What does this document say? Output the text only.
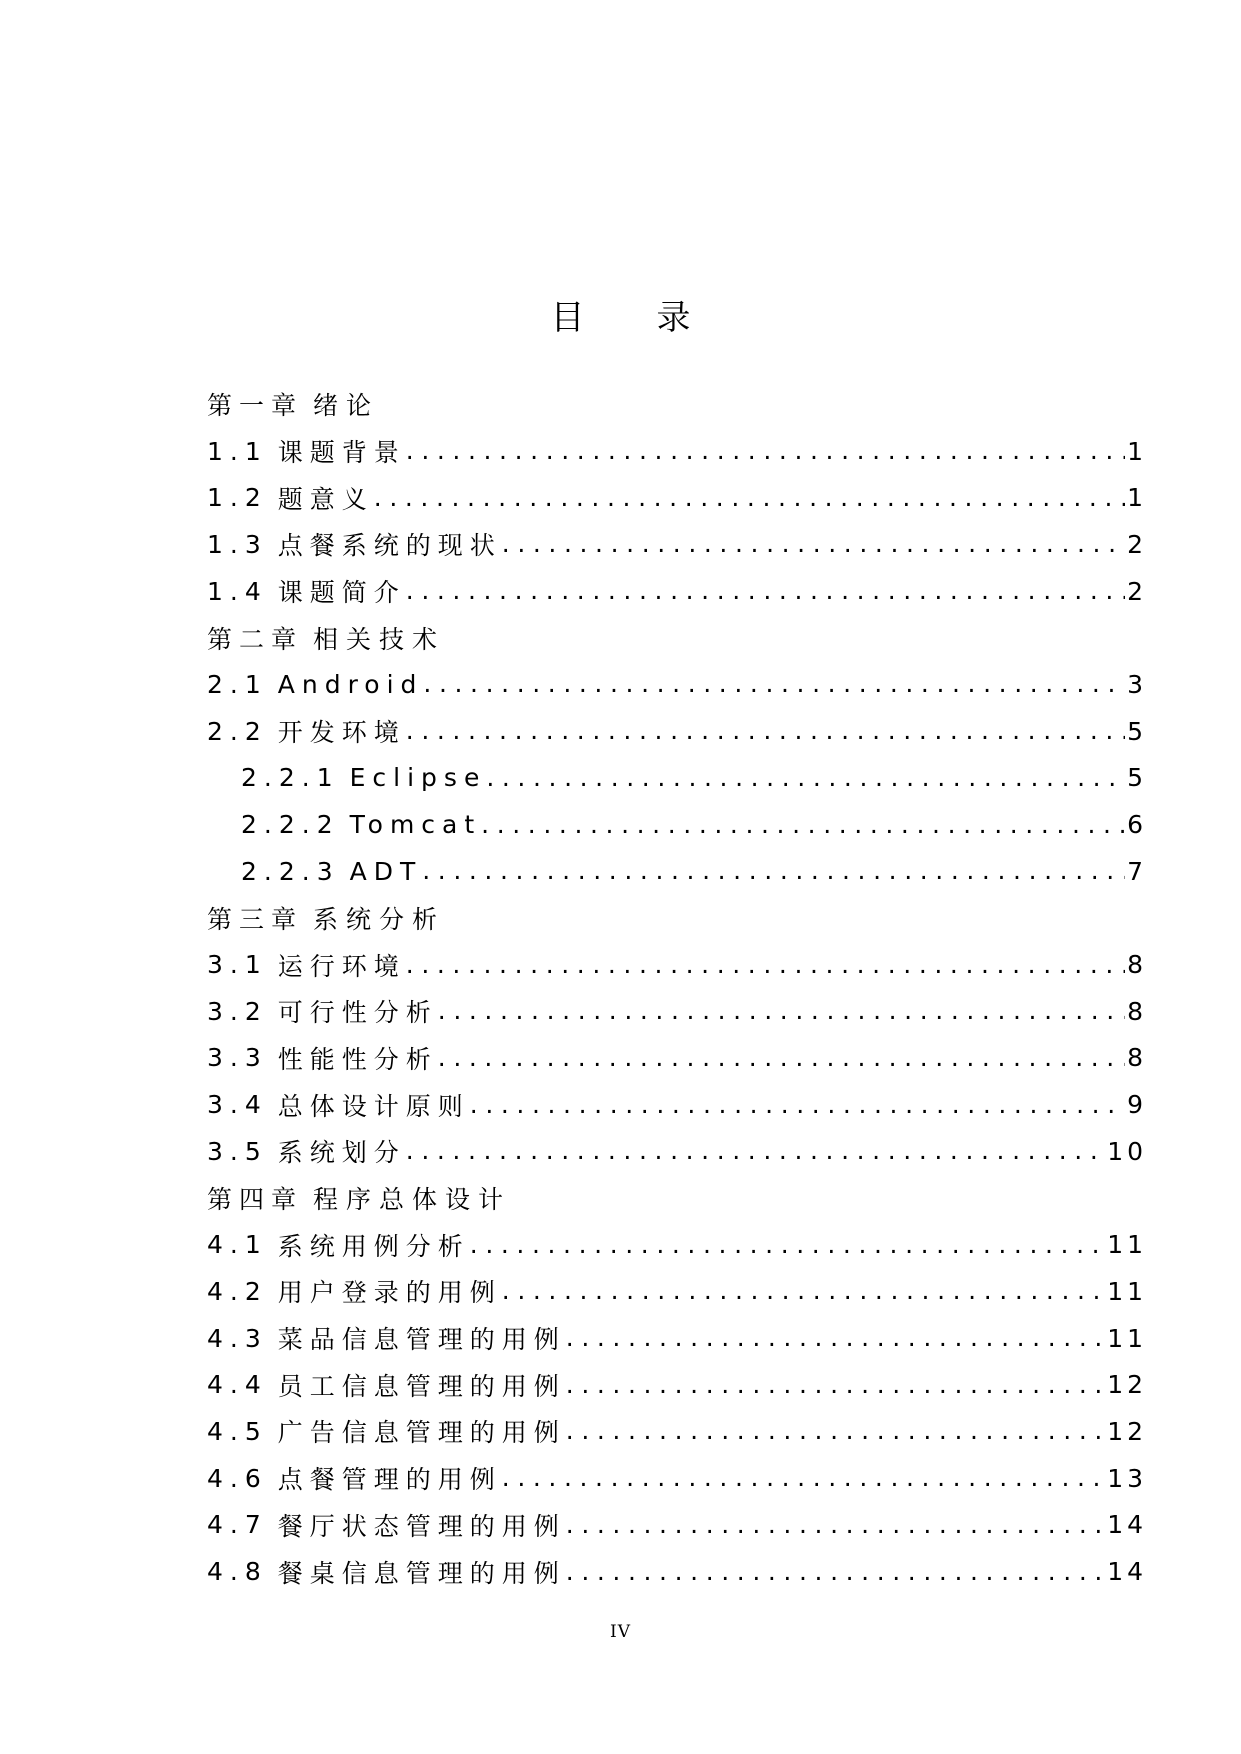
目 录
第一章 绪论
1.1 课题背景 .....	1
1.2 题意义 .....	1
1.3 点餐系统的现状 .....	2
1.4 课题简介 .....	2
第二章 相关技术
2.1 Android .....	3
2.2 开发环境 .....	5
2.2.1 Eclipse .....	5
2.2.2 Tomcat .....	6
2.2.3 ADT .....	7
第三章 系统分析
3.1 运行环境 .....	8
3.2 可行性分析 .....	8
3.3 性能性分析 .....	8
3.4 总体设计原则 .....	9
3.5 系统划分 .....	10
第四章 程序总体设计
4.1 系统用例分析 .....	11
4.2 用户登录的用例 .....	11
4.3 菜品信息管理的用例 .....	11
4.4 员工信息管理的用例 .....	12
4.5 广告信息管理的用例 .....	12
4.6 点餐管理的用例 .....	13
4.7 餐厅状态管理的用例 .....	14
4.8 餐桌信息管理的用例 .....	14
IV
